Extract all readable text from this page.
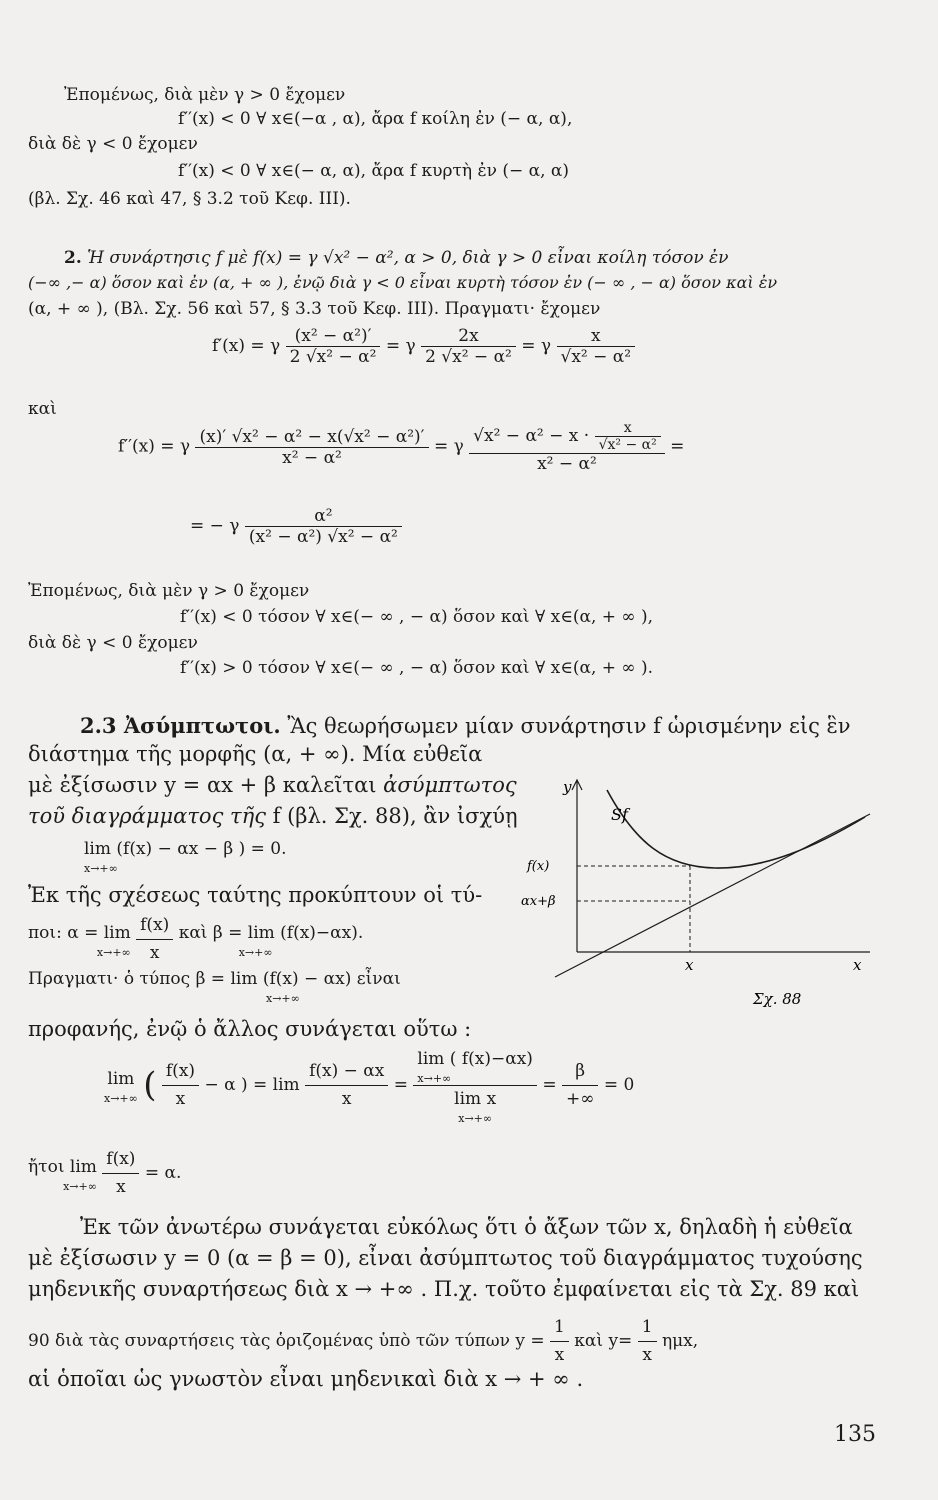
Ἐπομένως, διὰ μὲν γ > 0 ἔχομεν
f′′(x) < 0 ∀ x∈(−α , α), ἄρα f κοίλη ἐν (− α, α),
διὰ δὲ γ < 0 ἔχομεν
f′′(x) < 0 ∀ x∈(− α, α), ἄρα f κυρτὴ ἐν (− α, α)
(βλ. Σχ. 46 καὶ 47, § 3.2 τοῦ Κεφ. ΙΙΙ).
2. Ἡ συνάρτησις f μὲ f(x) = γ √x² − α², α > 0, διὰ γ > 0 εἶναι κοίλη τόσον ἐν
(−∞ ,− α) ὅσον καὶ ἐν (α, + ∞ ), ἐνῷ διὰ γ < 0 εἶναι κυρτὴ τόσον ἐν (− ∞ , − α) ὅσον καὶ ἐν
(α, + ∞ ), (Βλ. Σχ. 56 καὶ 57, § 3.3 τοῦ Κεφ. ΙΙΙ). Πραγματι· ἔχομεν
f′(x) = γ $\frac{\text{(x² − α²)′}}{\text{2 √x² − α²}} = \gamma \frac{2x}{\text{2 √x² − α²}} = \gamma \frac{x}{\text{√x² − α²}}$
καὶ
f′′(x) = γ $\frac{\text{(x)′ √x² − α² − x(√x² − α²)′}}{\text{x² − α²}} = \gamma \frac{√x^2 - \alpha^2 - x \cdot \frac{x}{\text{√x² − α²}}}{\text{x² − α²}}$ =
= − γ $\frac{\text{α²}}{\text{(x² − α²) √x² − α²}}$
Ἐπομένως, διὰ μὲν γ > 0 ἔχομεν
f′′(x) < 0 τόσον ∀ x∈(− ∞ , − α) ὅσον καὶ ∀ x∈(α, + ∞ ),
διὰ δὲ γ < 0 ἔχομεν
f′′(x) > 0 τόσον ∀ x∈(− ∞ , − α) ὅσον καὶ ∀ x∈(α, + ∞ ).
2.3 Ἀσύμπτωτοι. Ἂς θεωρήσωμεν μίαν συνάρτησιν f ὡρισμένην εἰς ἓν
διάστημα τῆς μορφῆς (α, + ∞). Μία εὐθεῖα
μὲ ἐξίσωσιν y = αx + β καλεῖται ἀσύμπτωτος
τοῦ διαγράμματος τῆς f (βλ. Σχ. 88), ἂν ἰσχύῃ
lim (f(x) − αx − β ) = 0.
x→+∞
Ἐκ τῆς σχέσεως ταύτης προκύπτουν οἱ τύ-
ποι: α = lim
x→+∞
$\frac{f(x)}{x}$ καὶ β = lim (f(x)−αx).
x→+∞
Πραγματι· ὁ τύπος β = lim (f(x) − αx) εἶναι
x→+∞
προφανής, ἐνῷ ὁ ἄλλος συνάγεται οὕτω :
lim
x→+∞ ( $\frac{f(x)}{x} - \alpha$ ) = $\lim \frac{f(x) - \alpha x}{x} = \lim$ ( f(x)−αx)
x→+∞
lim x
$x\to+\infty = \frac{\beta}{+\infty} = 0$
ἤτοι lim
x→+∞
$\frac{f(x)}{x} = \alpha$.
Ἐκ τῶν ἀνωτέρω συνάγεται εὐκόλως ὅτι ὁ ἄξων τῶν x, δηλαδὴ ἡ εὐθεῖα
μὲ ἐξίσωσιν y = 0 (α = β = 0), εἶναι ἀσύμπτωτος τοῦ διαγράμματος τυχούσης
μηδενικῆς συναρτήσεως διὰ x → +∞ . Π.χ. τοῦτο ἐμφαίνεται εἰς τὰ Σχ. 89 καὶ
90 διὰ τὰς συναρτήσεις τὰς ὁριζομένας ὑπὸ τῶν τύπων $y = \frac{1}{x}$ καὶ $y= \frac{1}{x} \eta\mu x$,
αἱ ὁποῖαι ὡς γνωστὸν εἶναι μηδενικαὶ διὰ x → + ∞ .
y
Sf
f(x)
αx+β
x	x
Σχ. 88
135
